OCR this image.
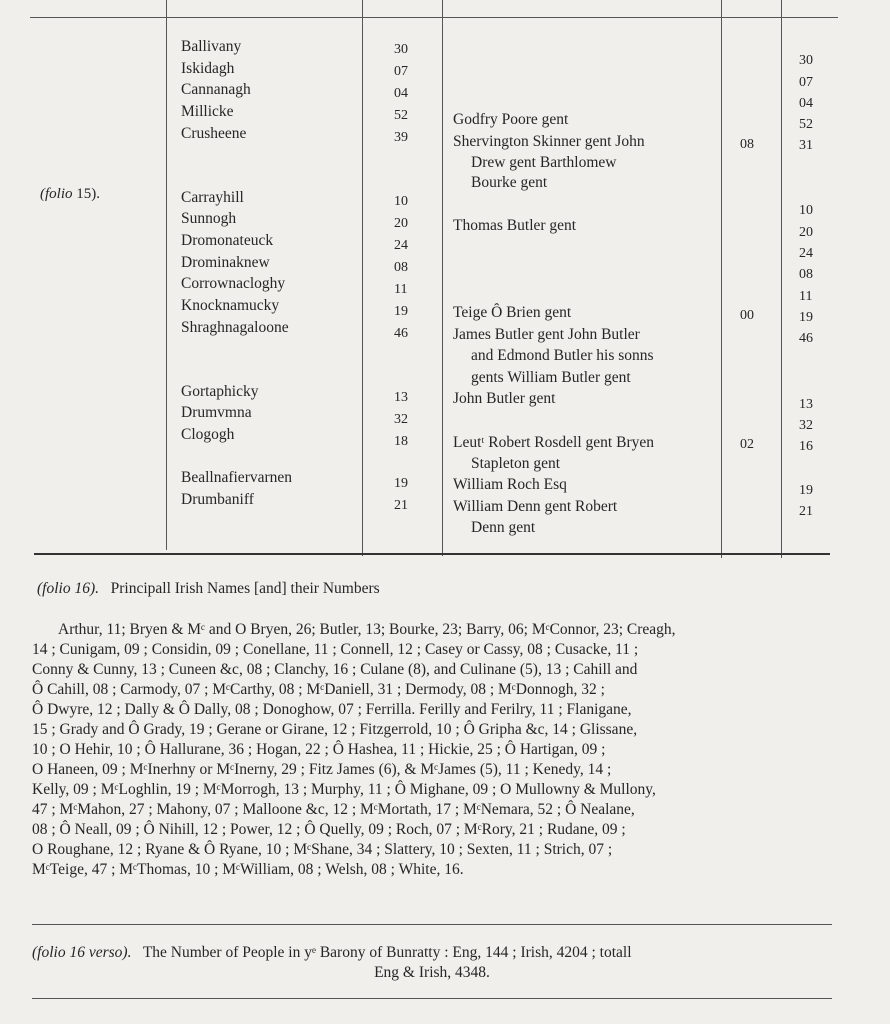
(folio 15).
Ballivany
Iskidagh
Cannanagh
Millicke
Crusheene
Carrayhill
Sunnogh
Dromonateuck
Drominaknew
Corrownacloghy
Knocknamucky
Shraghnagaloone
Gortaphicky
Drumvmna
Clogogh
Beallnafiervarnen
Drumbaniff
30
07
04
52
39
10
20
24
08
11
19
46
13
32
18
19
21
Godfry Poore gent
Shervington Skinner gent John
Drew gent Barthlomew
Bourke gent
Thomas Butler gent
Teige Ô Brien gent
James Butler gent John Butler
and Edmond Butler his sonns
gents William Butler gent
John Butler gent
Leutᵗ Robert Rosdell gent Bryen
Stapleton gent
William Roch Esq
William Denn gent Robert
Denn gent
08
00
02
30
07
04
52
31
10
20
24
08
11
19
46
13
32
16
19
21
(folio 16). Principall Irish Names [and] their Numbers
Arthur, 11; Bryen & Mᶜ and O Bryen, 26; Butler, 13; Bourke, 23; Barry, 06; MᶜConnor, 23; Creagh,
14 ; Cunigam, 09 ; Considin, 09 ; Conellane, 11 ; Connell, 12 ; Casey or Cassy, 08 ; Cusacke, 11 ;
Conny & Cunny, 13 ; Cuneen &c, 08 ; Clanchy, 16 ; Culane (8), and Culinane (5), 13 ; Cahill and
Ô Cahill, 08 ; Carmody, 07 ; MᶜCarthy, 08 ; MᶜDaniell, 31 ; Dermody, 08 ; MᶜDonnogh, 32 ;
Ô Dwyre, 12 ; Dally & Ô Dally, 08 ; Donoghow, 07 ; Ferrilla. Ferilly and Ferilry, 11 ; Flanigane,
15 ; Grady and Ô Grady, 19 ; Gerane or Girane, 12 ; Fitzgerrold, 10 ; Ô Gripha &c, 14 ; Glissane,
10 ; O Hehir, 10 ; Ô Hallurane, 36 ; Hogan, 22 ; Ô Hashea, 11 ; Hickie, 25 ; Ô Hartigan, 09 ;
O Haneen, 09 ; MᶜInerhny or MᶜInerny, 29 ; Fitz James (6), & MᶜJames (5), 11 ; Kenedy, 14 ;
Kelly, 09 ; MᶜLoghlin, 19 ; MᶜMorrogh, 13 ; Murphy, 11 ; Ô Mighane, 09 ; O Mullowny & Mullony,
47 ; MᶜMahon, 27 ; Mahony, 07 ; Malloone &c, 12 ; MᶜMortath, 17 ; MᶜNemara, 52 ; Ô Nealane,
08 ; Ô Neall, 09 ; Ô Nihill, 12 ; Power, 12 ; Ô Quelly, 09 ; Roch, 07 ; MᶜRory, 21 ; Rudane, 09 ;
O Roughane, 12 ; Ryane & Ô Ryane, 10 ; MᶜShane, 34 ; Slattery, 10 ; Sexten, 11 ; Strich, 07 ;
MᶜTeige, 47 ; MᶜThomas, 10 ; MᶜWilliam, 08 ; Welsh, 08 ; White, 16.
(folio 16 verso). The Number of People in yᵉ Barony of Bunratty : Eng, 144 ; Irish, 4204 ; totall
Eng & Irish, 4348.
